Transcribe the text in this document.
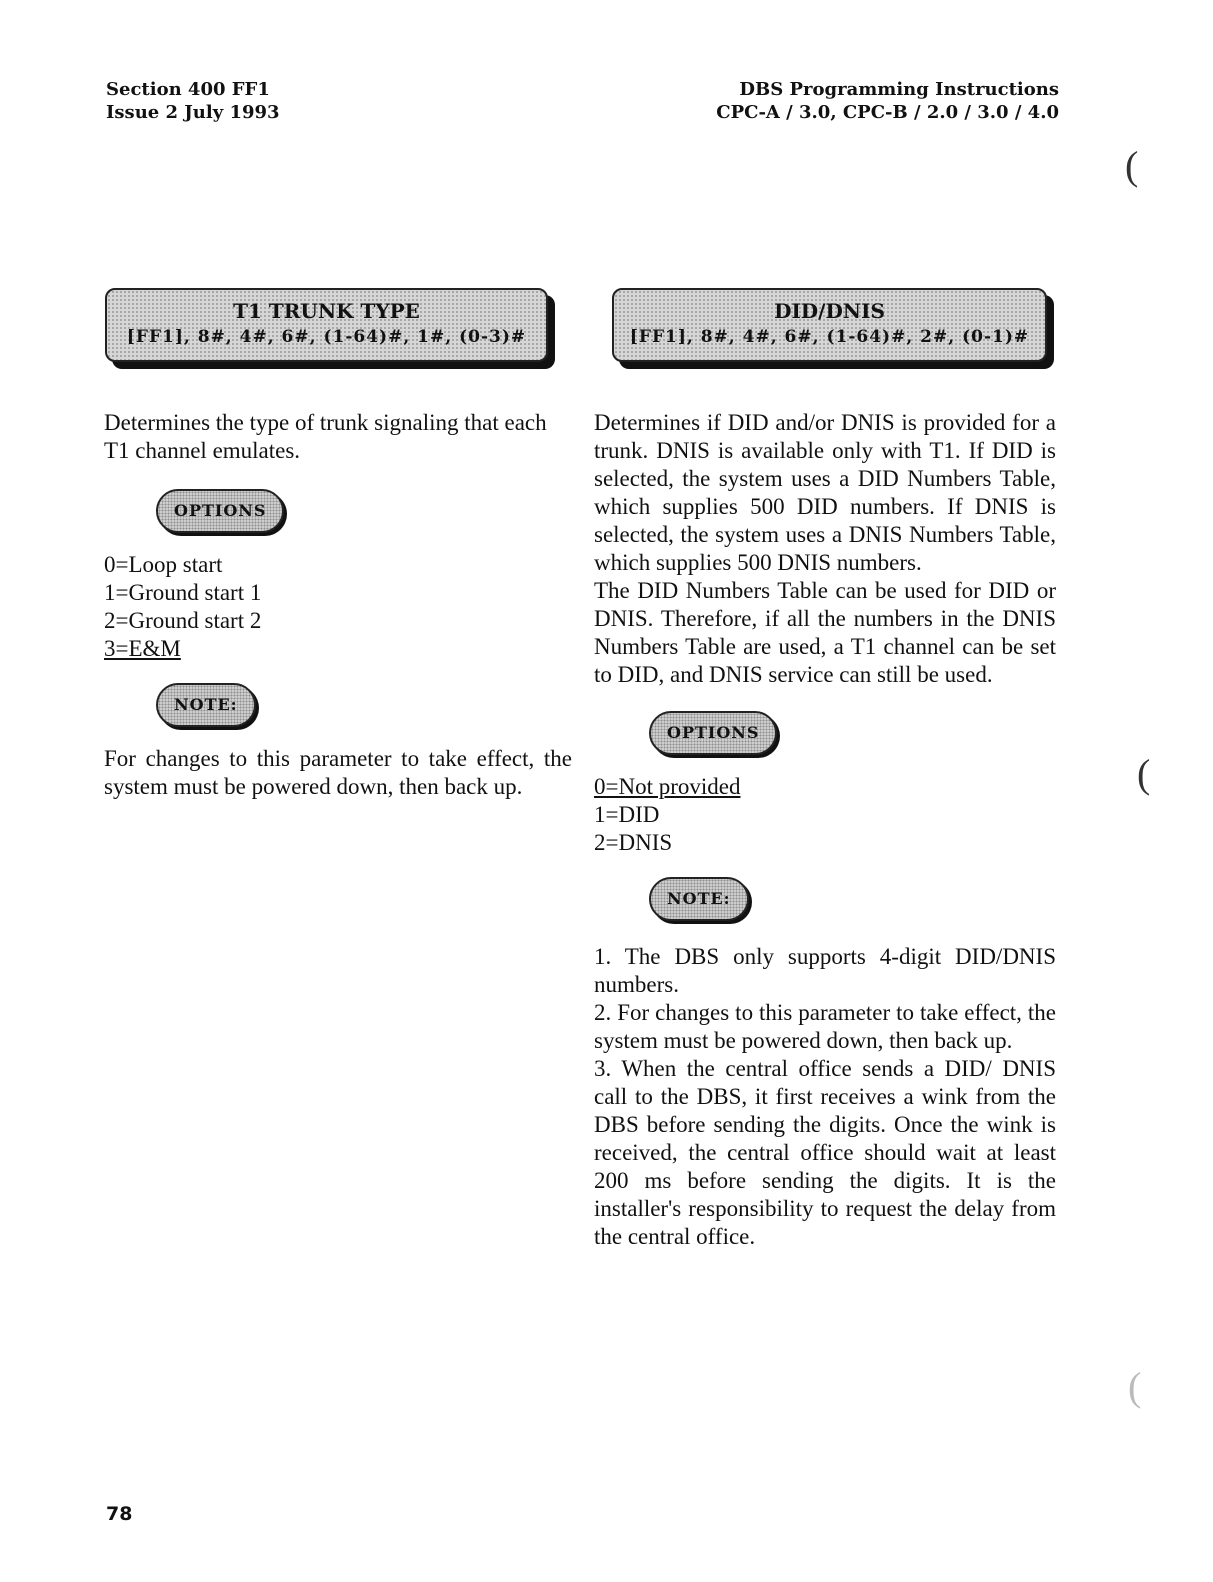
Section 400 FF1
Issue 2 July 1993
DBS Programming Instructions
CPC-A / 3.0, CPC-B / 2.0 / 3.0 / 4.0
(
(
(
T1 TRUNK TYPE
[FF1], 8#, 4#, 6#, (1-64)#, 1#, (0-3)#
DID/DNIS
[FF1], 8#, 4#, 6#, (1-64)#, 2#, (0-1)#

Determines the type of trunk signaling that each T1 channel emulates.

OPTIONS
0=Loop start
1=Ground start 1
2=Ground start 2
3=E&M
NOTE:

For changes to this parameter to take effect, the system must be powered down, then back up.

Determines if DID and/or DNIS is provided for a trunk. DNIS is available only with T1. If DID is selected, the system uses a DID Numbers Table, which supplies 500 DID numbers. If DNIS is selected, the system uses a DNIS Numbers Table, which supplies 500 DNIS numbers.

The DID Numbers Table can be used for DID or DNIS. Therefore, if all the numbers in the DNIS Numbers Table are used, a T1 channel can be set to DID, and DNIS service can still be used.

OPTIONS
0=Not provided
1=DID
2=DNIS
NOTE:

1. The DBS only supports 4-digit DID/DNIS numbers.

2. For changes to this parameter to take effect, the system must be powered down, then back up.

3. When the central office sends a DID/ DNIS call to the DBS, it first receives a wink from the DBS before sending the digits. Once the wink is received, the central office should wait at least 200 ms before sending the digits. It is the installer's responsibility to request the delay from the central office.

78
